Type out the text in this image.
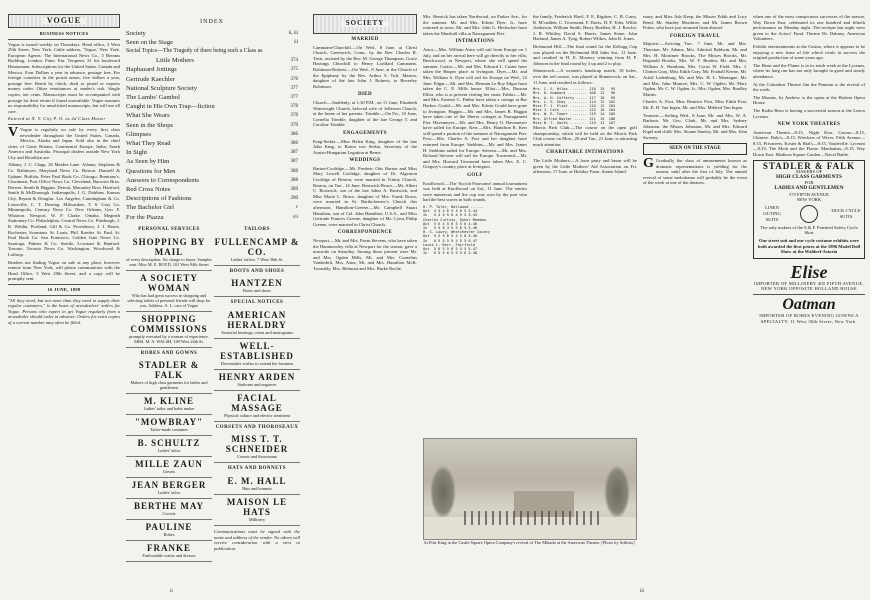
VOGUE
BUSINESS NOTICES

Vogue is issued weekly on Thursdays. Head office, 3 West 29th Street, New York. Cable address, 'Vogue,' New York. European Agents: The International News Co., 5 Breams Building, London. Paris: Em. Terquem, 31 bis boulevard Haussmann. Subscriptions for the United States, Canada and Mexico, Four Dollars a year in advance, postage free. For foreign countries in the postal union, five dollars a year, postage free. Remit by check, draft or postal or express money order. Other remittances at sender's risk. Single copies, ten cents. Manuscripts must be accompanied with postage for their return if found unavailable. Vogue assumes no responsibility for unsolicited manuscripts, but will use all care.

Entered at N. Y. City P. O. as 2d Class Matter

V Vogue is regularly on sale by every first class newsdealer throughout the United States, Canada, Mexico, Alaska and Japan. Sold also in the chief cities of Great Britain, Continental Europe, India, South America and Australia. Principal dealers outside New York City and Brooklyn are:

Albany, J. C. Clapp, 26 Maiden Lane. Atlanta, Stephens & Co. Baltimore, Maryland News Co. Boston, Damrell & Upham. Buffalo, Peter Paul Book Co. Chicago, Brentano's. Cincinnati, Post Office News Co. Cleveland, Burrows Bros. Denver, Smith & Higgins. Detroit, Macauley Bros. Hartford, Smith & McDonough. Indianapolis, J. G. Dobbins. Kansas City, Bryant & Douglas. Los Angeles, Cunningham & Co. Louisville, C. T. Dearing. Milwaukee, T. S. Gray Co. Minneapolis, Century News Co. New Orleans, Geo. F. Wharton. Newport, W. P. Clarke. Omaha, Megeath Stationery Co. Philadelphia, Central News Co. Pittsburgh, J. R. Weldin. Portland, Gill & Co. Providence, J. J. Harris. Rochester, Scrantom. St. Louis, Phil. Roeder. St. Paul, St. Paul Book Co. San Francisco, Golden Gate News Co. Saratoga, Palmer & Co. Seattle, Lowman & Hanford. Toronto, Toronto News Co. Washington, Woodward & Lothrop.

Readers not finding Vogue on sale at any place, however remote from New York, will please communicate with the Head Office, 3 West 29th Street, and a copy will be promptly sent.

16 JUNE, 1898

"All they need, but not more than they need to supply their regular customers," is the basis of newsdealers' orders for Vogue. Persons who expect to get Vogue regularly from a newsdealer should order in advance. Orders for extra copies of a current number may often be filled.

ii
INDEX
Society	ii, iii
Seen on the Stage	iii
Social Topics—The Tragedy of there being such a Class as
Little Mothers	374
Haphazard Jottings	375
Gertrude Kaechler	376
National Sculpture Society	377
The Lambs' Gambol	377
Caught in His Own Trap—fiction	378
What She Wears	378
Seen in the Shops	379
Glimpses	386
What They Read	386
In Sight	387
As Seen by Him	387
Questions for Men	388
Answers to Correspondents	388
Red Cross Notes	389
Descriptions of Fashions	390
The Bachelor Girl	v
For the Piazza	vii
PERSONAL SERVICES
SHOPPING BY MAIL
of every description. No charge to buyer. Samples sent. Miss M. E. BOYD, 101 West 94th Street
A SOCIETY WOMAN
Who has had great success in shopping and selecting toilets of personal friends will shop for you. Address: A. L. care of Vogue
SHOPPING COMMISSIONS
promptly executed by a woman of experience. MRS. M. A. WALSH, 149 West 24th St.
ROBES AND GOWNS
STADLER & FALK
Makers of high class garments for ladies and gentlemen
M. KLINE
Ladies' tailor and habit maker
"MOWBRAY"
Tailor-made costumes
B. SCHULTZ
Ladies' tailor
MILLE ZAUN
Gowns
JEAN BERGER
Ladies' tailor
BERTHE MAY
Corsets
PAULINE
Robes
FRANKE
Fashionable waists and dresses
TAILORS
FULLENCAMP & CO.
Ladies' tailors. 7 West 36th St.
BOOTS AND SHOES
HANTZEN
Boots and shoes
SPECIAL NOTICES
AMERICAN HERALDRY
Armorial bearings, crests and monograms
WELL-ESTABLISHED
Dressmaker wishes to extend her business
HENRY ARDEN
Stationer and engraver
FACIAL MASSAGE
Physical culture and electric treatment
CORSETS AND THOROSEAUX
MISS T. T. SCHNEIDER
Corsets and thoroseaux
HATS AND BONNETS
E. M. HALL
Hats and bonnets
MAISON LE HATS
Millinery

Communications must be signed with the name and address of the sender. No others will receive consideration with a view to publication.

SOCIETY
MARRIED

Cammann-Churchill.—On Wed., 8 June, at Christ Church, Greenwich, Conn., by the Rev. Charles R. Treat, assisted by the Rev. M. George Thompson, Grace Hastings Churchill to Henry Lorillard Cammann. Robinson-Roberts.—On Wed., 8 June, at the Church of the Epiphany by the Rev. Arthur S. Tuft, Marion, daughter of the late John J. Roberts, to Beverley Robinson.

DIED

Church.—Suddenly, at 1:30 P.M., on 11 June, Elizabeth Wainwright Church, beloved wife of Jefferson Church, at the home of her parents. Trimble.—On Fri., 10 June, Cornelia Trimble, daughter of the late George T. and Caroline Trimble.

ENGAGEMENTS

King-Siekta.—Miss Helen King, daughter of the late John King, to Baron von Siekta, Secretary of the Austro-Hungarian Legation at Berne.

WEDDINGS

Barton-Coolidge.—Mr. Frederic Otis Barton and Miss Mary Lowell Coolidge, daughter of Dr. Algernon Coolidge of Boston, were married in Trinity Church, Boston, on Tue., 14 June. Bostwick-Bruce.—Mr. Albert C. Bostwick, son of the late Jabez A. Bostwick, and Miss Marie L. Bruce, daughter of Mrs. Frank Bruce, were married in St. Bartholomew's Church this afternoon. Hamilton-Greene.—Mr. Campbell Stuart Hamilton, son of Col. John Hamilton, U.S.A., and Miss Gertrude Frances Greene, daughter of Mr. Cyrus Philip Greene, were married in Christ Church.

CORRESPONDENCE

Newport.—Mr. and Mrs. Paran Stevens, who have taken the Hammersley villa at Newport for the season, gave a musicale on Saturday. Among those present were Mr. and Mrs. Ogden Mills, Mr. and Mrs. Cornelius Vanderbilt, Mrs. Astor, Mr. and Mrs. Hamilton McK. Twombly, Mrs. Belmont and Mrs. Burke Roche.

Mrs. Rensick has taken Nordwood, on Parker Ave., for the summer. Mr. and Mrs. Edwin Dyer, Jr., have returned to town. Mr. and Mrs. John G. Heckscher have taken the Marshall villa at Narragansett Pier.

INTIMATIONS

Astor.—Mrs. William Astor will sail from Europe on 1 July, and on her arrival here will go directly to her villa, Beechwood, at Newport, where she will spend the summer. Custer.—Mr. and Mrs. Edward L. Custer have taken the Hasper place at Irvington. Dyer.—Mr. and Mrs. William A. Dyer will sail for Europe on Wed., 22 June. Edgar.—Mr. and Mrs. Herman Le Roy Edgar have taken the C. E. Mills house. Elliot.—Mrs. Duncan Elliot, who is at present visiting her sister. Fabbri.—Mr. and Mrs. Ernesto G. Fabbri have taken a cottage at Bar Harbor. Gould.—Mr. and Mrs. Edwin Gould have gone to Irvington. Haggin.—Mr. and Mrs. James B. Haggin have taken one of the Sherry cottages at Narragansett Pier. Havemeyer.—Mr. and Mrs. Henry O. Havemeyer have sailed for Europe. Kerr.—Mrs. Hamilton R. Kerr will spend a portion of the summer at Narragansett Pier. Post.—Mrs. Charles A. Post and her daughter have returned from Europe. Stebbins.—Mr. and Mrs. James H. Stebbins sailed for Europe. Stevens.—Mr. and Mrs. Richard Stevens will sail for Europe. Townsend.—Mr. and Mrs. Howard Townsend have taken Mrs. E. C. Gregory's country place at Irvington.

GOLF

Knollwood.—The 'Scotch Foursome' annual tournament was held at Knollwood on Sat., 11 June. The entries were numerous and the cup was won by the pair who had the best scores in both rounds.

H. P. Toler, Ballwood ......
Out  4 5 4 6 5 4 6 5 5-44
In   5 4 5 5 6 4 5 4 5-43
Charles Curtiss, Dyker Meadow
Out  5 6 4 5 6 5 5 6 4-46
In   5 5 6 4 5 5 6 5 5-46
H. S. Lowry, Westchester County
Out  5 5 5 6 5 4 5 6 5-46
In   6 5 5 5 5 5 5 5 6-47
Louis L. Kerr, Fairfield
Out  5 6 5 5 6 5 5 5 5-47
In   6 5 5 6 5 5 5 6 5-48

the family, Frederick Havil, F. E. Rigsbee, C. B. Curry, R. M'cadden, C. Townsend, F. Davis, H. P. Toler, Willie Anderson, William Smith, Harry Ruelfan, H. J. Rowler, J. R. Whitley, David S. Harris, James Stone, John Harland, James A. Tyng, Robert Wilkes, John D. Jones.

Richmond Hill.—The final round for the Kellogg Cup was played on the Richmond Hill links Sat., 11 June, and resulted in H. E. Mooney winning from H. P. Johnson in the final round by 3 up and 2 to play.

Shinnecock.—A women's handicap match, 18 holes, over the red course, was played at Shinnecock, on Sat., 11 June, and resulted as follows:

Mrs. C. S. Hilas ........ 110  15   95
Mrs. D. Hubbard ......... 108  12   96
Mrs. A. H. Cafferty ..... 117  18   99
Mrs. L. G. Shay ......... 114  12  102
Miss P. J. Eliet ........ 115  12  103
Miss J. Cole ............ 122  18  104
Mrs. W. R. Tower ........ 119  14  105
Mrs. Alfred Baxter ...... 121  15  106
Miss B. T. Smith ........ 119  12  107

Morris Park Club.—The course on the open golf championship, which will be held on the Morris Park Club course on Mon., 20 and Tue., 21 June, is attracting much attention.

CHARITABLE INTIMATIONS

The Little Mothers.—A lawn party and bazar will be given by the Little Mothers' Aid Association on Fri. afternoon, 17 June, at Holiday Farm, Staten Island.

At Flirt King in the Castle Square Opera Company's revival of The Mikado at the American Theatre. [Photo by Schloss]

ruary, and Miss Ada Keep, the Misses Edith and Lucy Rend, Mr. Stanley Mortimer, and Mr. James Brown Potter, who have just returned from abroad.

FOREIGN TRAVEL

Majestic.—Arriving Tue., 7 June, Mr. and Mrs. Thurston, Mr. Adams, Mrs. Admiral Baldwin, Mr. and Mrs. H. Mortimer Brooks, The Misses Brooks, Mr. Reginald Brooks, Mrs. W. F. Burden, Mr. and Mrs. William A. Burnham, Mrs. Cyrus W. Field, Mrs. J. Clinton Gray, Miss Edith Gray, Mr. Foxhall Keene, Mr. Adolf Ladenburg, Mr. and Mrs. H. L. Montague, Mr. and Mrs. John Munroe, Mrs. C. W. Ogden, Mr. Mary Ogden, Mr. C. W. Ogden, Jr., Mrs. Ogden, Mrs. Bradley Martin.

Charles A. Post, Miss Beatrice Post, Miss Edith Post, Mr. E. H. Van Ingen, Mr. and Mrs. Mildred Van Ingen.

Teutonic.—Sailing Wed., 8 June, Mr. and Mrs. W. A. Barbour, Mr. Geo. Clark, Mr. and Mrs. Sydney Johnston, the Misses Johnston, Mr. and Mrs. Edward Kigel and child, Mrs. Sloane Stanley, Mr. and Mrs. John Sweeny.

SEEN ON THE STAGE

G Gradually the class of amusements known as dramatic representations is yielding for the season, until after the first of July. The annual revival of some melodrama will probably be the event of the week at one of the theatres.

when one of the most conspicuous successes of the season, Way Down East, celebrated its one hundred and fiftieth performance on Monday night. The receipts last night were given to the Actors' Fund, Theatre Dr. Dabney, American Volunteers.

Exhibit entertainments at the Casino, where it appears to be enjoying a new lease of life which rivals in success the original production of some years ago.

The Heart and the Flame is in its tenth week at the Lyceum, where its long run has not only brought in good and steady attendance.

At the Columbus Theatre Jim the Penman is the revival of the week.

The Masons, by Andrew, is the opera at the Harlem Opera House.

The Rodin Rezo is having a successful season at the Lenox Lyceum.

NEW YORK THEATRES

American Theatre—8:15, Night Kiss. Casino—8:15, Chinese. Daly's—8:15, Wreckers of Wives. Fifth Avenue—8:15, Privateers. Koster & Bial's—8:15, Vaudeville. Lyceum—8:15, The Moth and the Flame. Manhattan—8:15, Way Down East. Madison Square Garden—Naval Battle.

STADLER & FALK
MAKERS OF
HIGH CLASS GARMENTS
FOR
LADIES AND GENTLEMEN
575 FIFTH AVENUE
NEW YORK
LINEN OUTING SUITS
DUCK CYCLE SUITS
The only makers of the S.& F. Patented Safety Cycle Skirt
Our street suit and our cycle costume exhibits were both awarded the first prizes at the 1896 Model Doll Show at the Waldorf-Astoria
Elise
IMPORTER OF MILLINERY 405 FIFTH AVENUE, NEW YORK OPPOSITE HOLLAND HOUSE
Oatman
IMPORTER OF ROBES EVENING GOWNS A SPECIALTY. 11 West 30th Street, New York.
iii
